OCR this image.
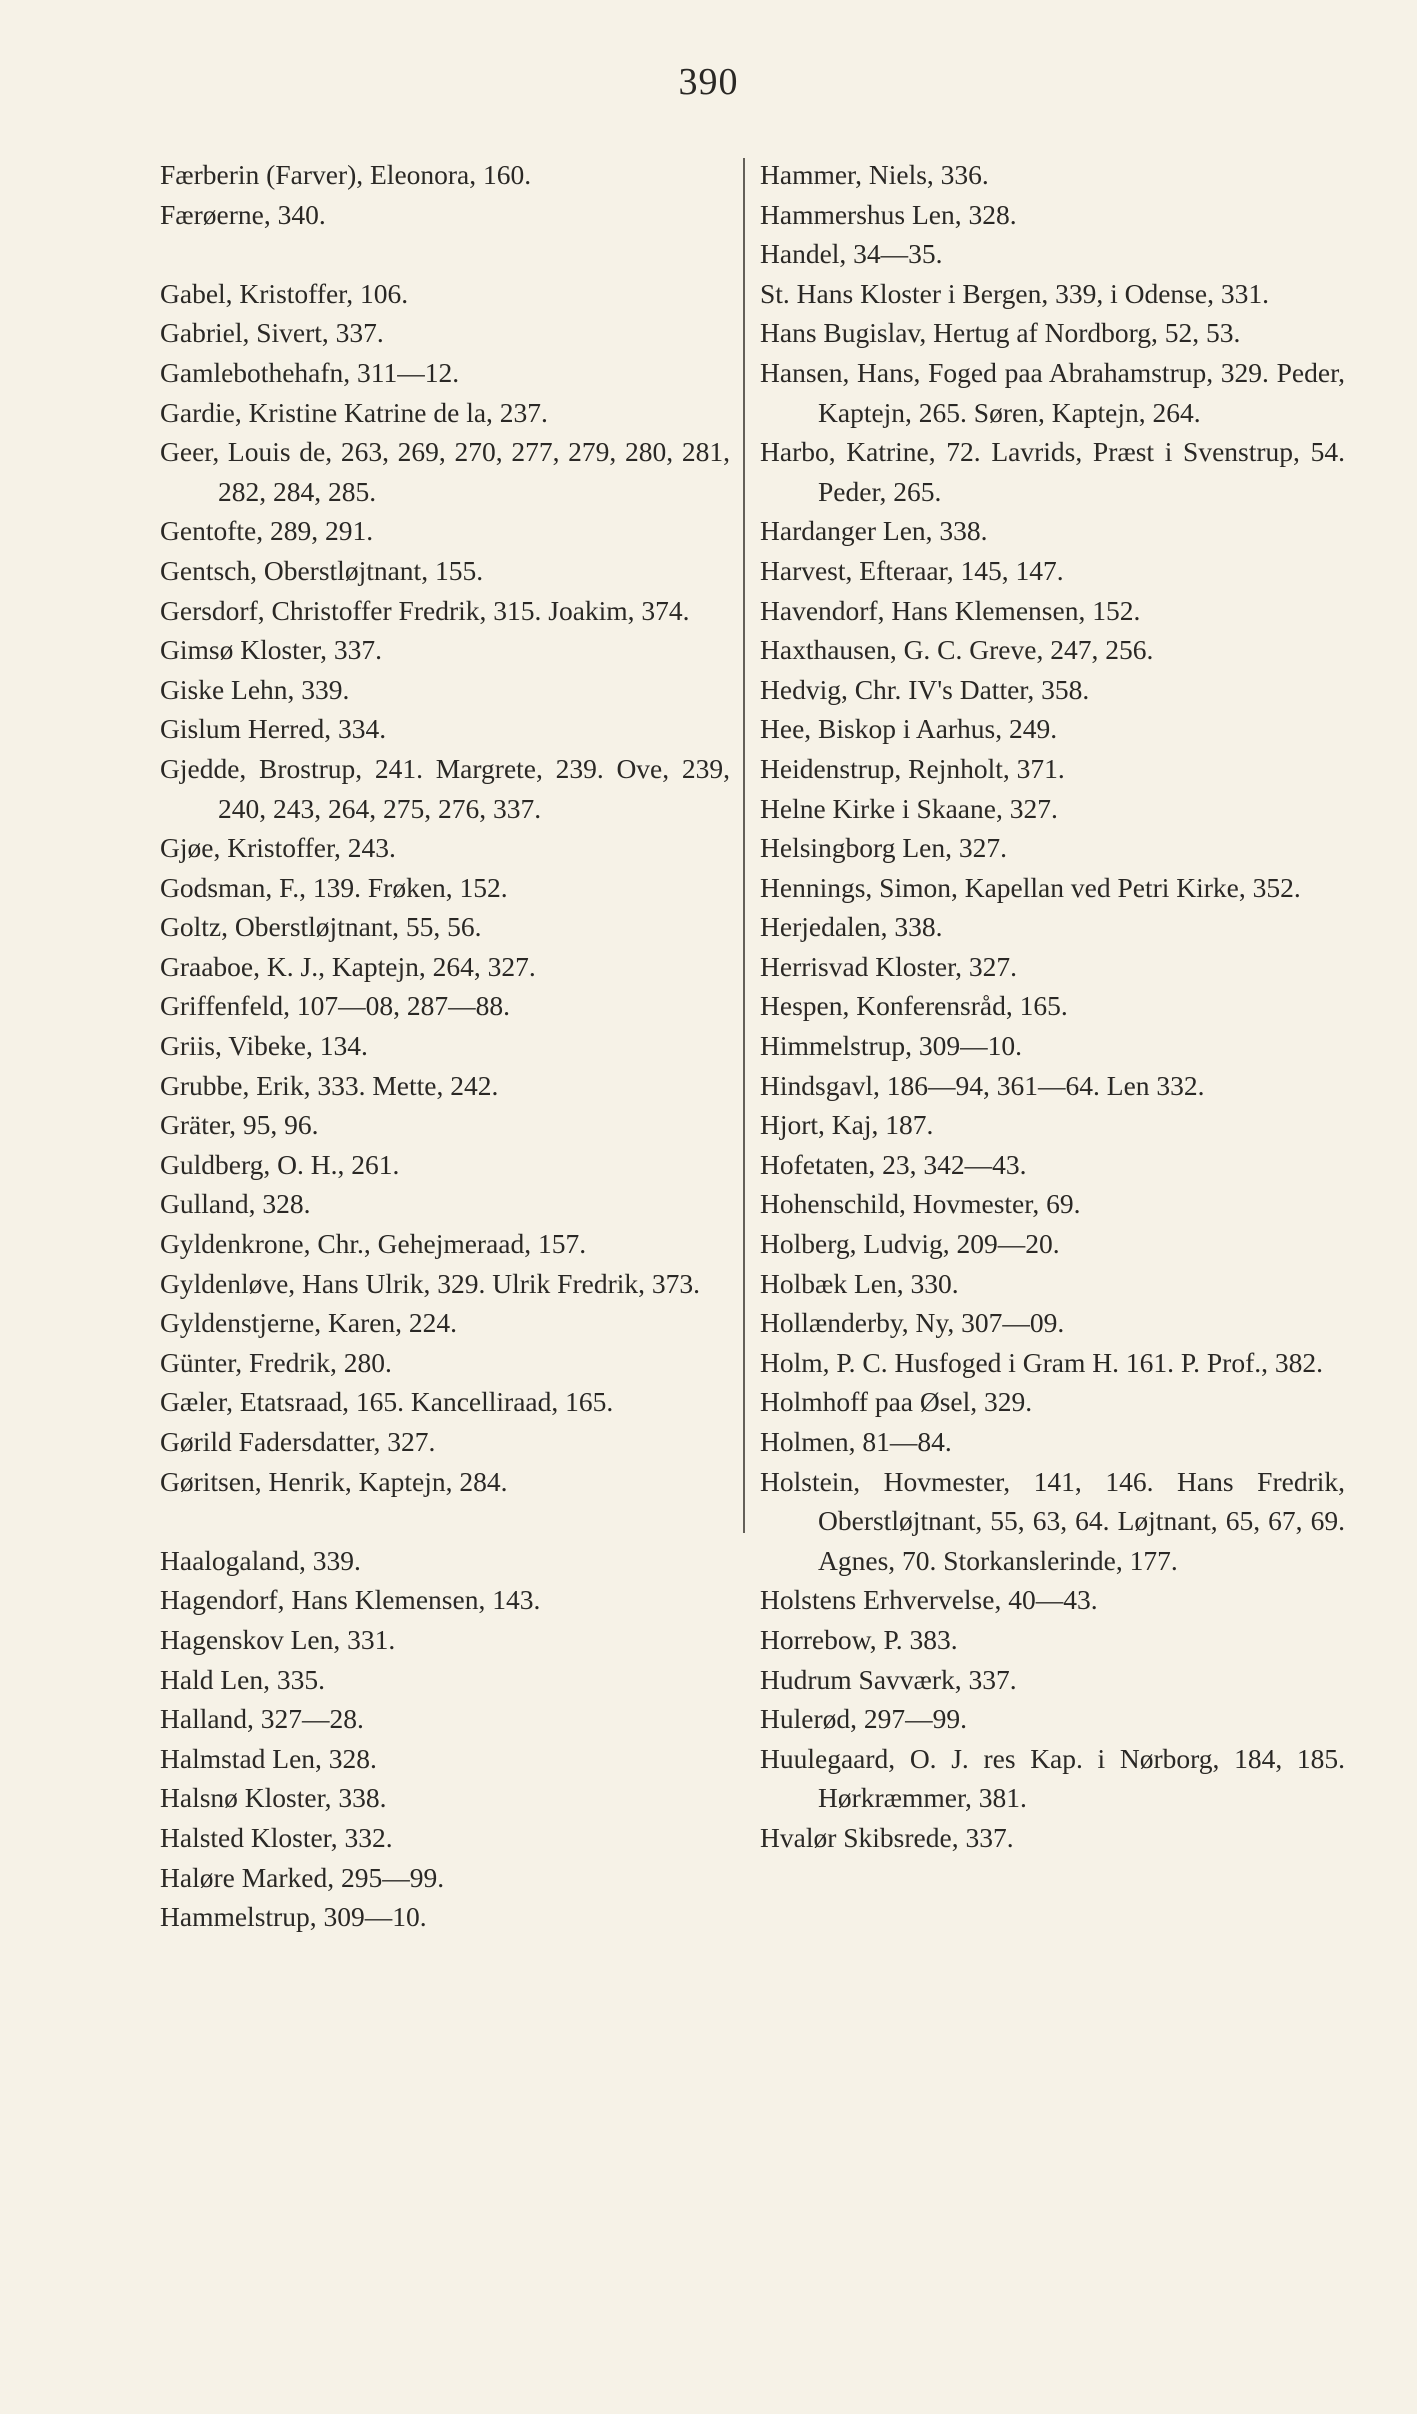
390
Færberin (Farver), Eleonora, 160.
Færøerne, 340.
Gabel, Kristoffer, 106.
Gabriel, Sivert, 337.
Gamlebothehafn, 311—12.
Gardie, Kristine Katrine de la, 237.
Geer, Louis de, 263, 269, 270, 277, 279, 280, 281, 282, 284, 285.
Gentofte, 289, 291.
Gentsch, Oberstløjtnant, 155.
Gersdorf, Christoffer Fredrik, 315. Joakim, 374.
Gimsø Kloster, 337.
Giske Lehn, 339.
Gislum Herred, 334.
Gjedde, Brostrup, 241. Margrete, 239. Ove, 239, 240, 243, 264, 275, 276, 337.
Gjøe, Kristoffer, 243.
Godsman, F., 139. Frøken, 152.
Goltz, Oberstløjtnant, 55, 56.
Graaboe, K. J., Kaptejn, 264, 327.
Griffenfeld, 107—08, 287—88.
Griis, Vibeke, 134.
Grubbe, Erik, 333. Mette, 242.
Gräter, 95, 96.
Guldberg, O. H., 261.
Gulland, 328.
Gyldenkrone, Chr., Gehejmeraad, 157.
Gyldenløve, Hans Ulrik, 329. Ulrik Fredrik, 373.
Gyldenstjerne, Karen, 224.
Günter, Fredrik, 280.
Gæler, Etatsraad, 165. Kancelliraad, 165.
Gørild Fadersdatter, 327.
Gøritsen, Henrik, Kaptejn, 284.
Haalogaland, 339.
Hagendorf, Hans Klemensen, 143.
Hagenskov Len, 331.
Hald Len, 335.
Halland, 327—28.
Halmstad Len, 328.
Halsnø Kloster, 338.
Halsted Kloster, 332.
Haløre Marked, 295—99.
Hammelstrup, 309—10.
Hammer, Niels, 336.
Hammershus Len, 328.
Handel, 34—35.
St. Hans Kloster i Bergen, 339, i Odense, 331.
Hans Bugislav, Hertug af Nordborg, 52, 53.
Hansen, Hans, Foged paa Abrahamstrup, 329. Peder, Kaptejn, 265. Søren, Kaptejn, 264.
Harbo, Katrine, 72. Lavrids, Præst i Svenstrup, 54. Peder, 265.
Hardanger Len, 338.
Harvest, Efteraar, 145, 147.
Havendorf, Hans Klemensen, 152.
Haxthausen, G. C. Greve, 247, 256.
Hedvig, Chr. IV's Datter, 358.
Hee, Biskop i Aarhus, 249.
Heidenstrup, Rejnholt, 371.
Helne Kirke i Skaane, 327.
Helsingborg Len, 327.
Hennings, Simon, Kapellan ved Petri Kirke, 352.
Herjedalen, 338.
Herrisvad Kloster, 327.
Hespen, Konferensråd, 165.
Himmelstrup, 309—10.
Hindsgavl, 186—94, 361—64. Len 332.
Hjort, Kaj, 187.
Hofetaten, 23, 342—43.
Hohenschild, Hovmester, 69.
Holberg, Ludvig, 209—20.
Holbæk Len, 330.
Hollænderby, Ny, 307—09.
Holm, P. C. Husfoged i Gram H. 161. P. Prof., 382.
Holmhoff paa Øsel, 329.
Holmen, 81—84.
Holstein, Hovmester, 141, 146. Hans Fredrik, Oberstløjtnant, 55, 63, 64. Løjtnant, 65, 67, 69. Agnes, 70. Storkanslerinde, 177.
Holstens Erhvervelse, 40—43.
Horrebow, P. 383.
Hudrum Savværk, 337.
Hulerød, 297—99.
Huulegaard, O. J. res Kap. i Nørborg, 184, 185. Hørkræmmer, 381.
Hvalør Skibsrede, 337.
